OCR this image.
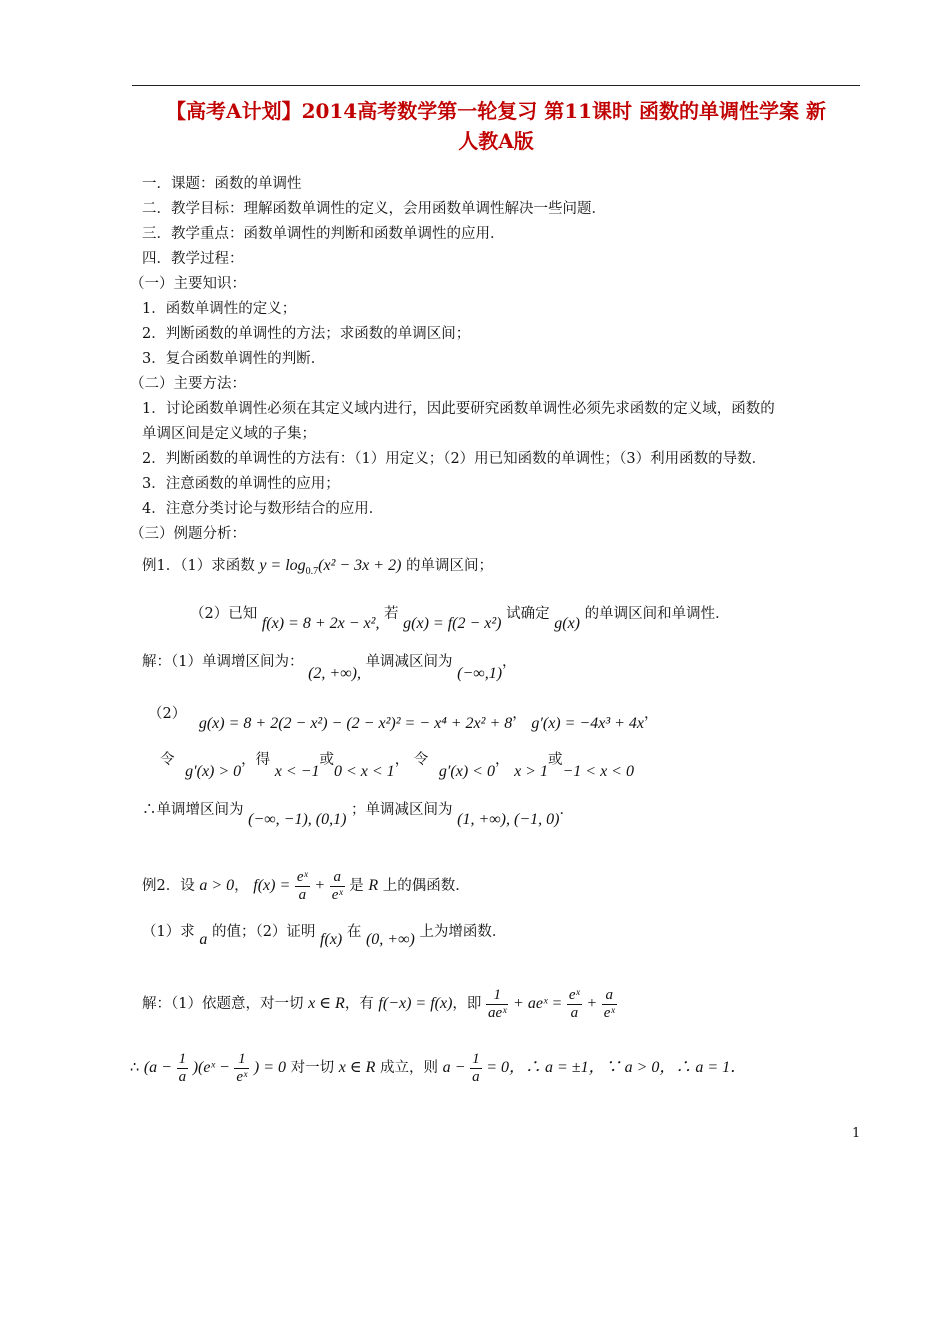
【高考A计划】2014高考数学第一轮复习 第11课时 函数的单调性学案 新
人教A版
一．课题：函数的单调性
二．教学目标：理解函数单调性的定义，会用函数单调性解决一些问题．
三．教学重点：函数单调性的判断和函数单调性的应用．
四．教学过程：
（一）主要知识：
1．函数单调性的定义；
2．判断函数的单调性的方法；求函数的单调区间；
3．复合函数单调性的判断．
（二）主要方法：
1．讨论函数单调性必须在其定义域内进行，因此要研究函数单调性必须先求函数的定义域，函数的
单调区间是定义域的子集；
2．判断函数的单调性的方法有：（1）用定义；（2）用已知函数的单调性；（3）利用函数的导数．
3．注意函数的单调性的应用；
4．注意分类讨论与数形结合的应用．
（三）例题分析：
例1．（1）求函数 $y = \log_{0.7}(x^2 - 3x + 2)$ 的单调区间；
（2）已知 f(x) = 8 + 2x − x², 若 g(x) = f(2 − x²) 试确定 g(x) 的单调区间和单调性．
解：（1）单调增区间为： (2, +∞), 单调减区间为 (−∞,1)，
（2） g(x) = 8 + 2(2 − x²) − (2 − x²)² = − x⁴ + 2x² + 8， g′(x) = −4x³ + 4x，
令 g′(x) > 0，得 x < −1或0 < x < 1， 令 g′(x) < 0， x > 1或−1 < x < 0
∴单调增区间为 (−∞, −1), (0,1) ；单调减区间为 (1, +∞), (−1, 0)．
例2．设 a > 0， $f(x) = \frac{\text{eˣ}}{a} + \frac{a}{\text{eˣ}}$ 是 R 上的偶函数．
（1）求 a 的值；（2）证明 f(x) 在 (0, +∞) 上为增函数．
解：（1）依题意，对一切 x ∈ R，有 f(−x) = f(x)，即 $\frac{1}{\text{aeˣ}}$ + aeˣ = $\frac{\text{eˣ}}{a} + \frac{a}{\text{eˣ}}$
∴ ($a - \frac{1}{a}$ )(eˣ − $\frac{1}{\text{eˣ}}$ ) = 0 对一切 x ∈ R 成立，则 $a - \frac{1}{a} = 0$，∴ a = ±1，∵ a > 0，∴ a = 1．
1
